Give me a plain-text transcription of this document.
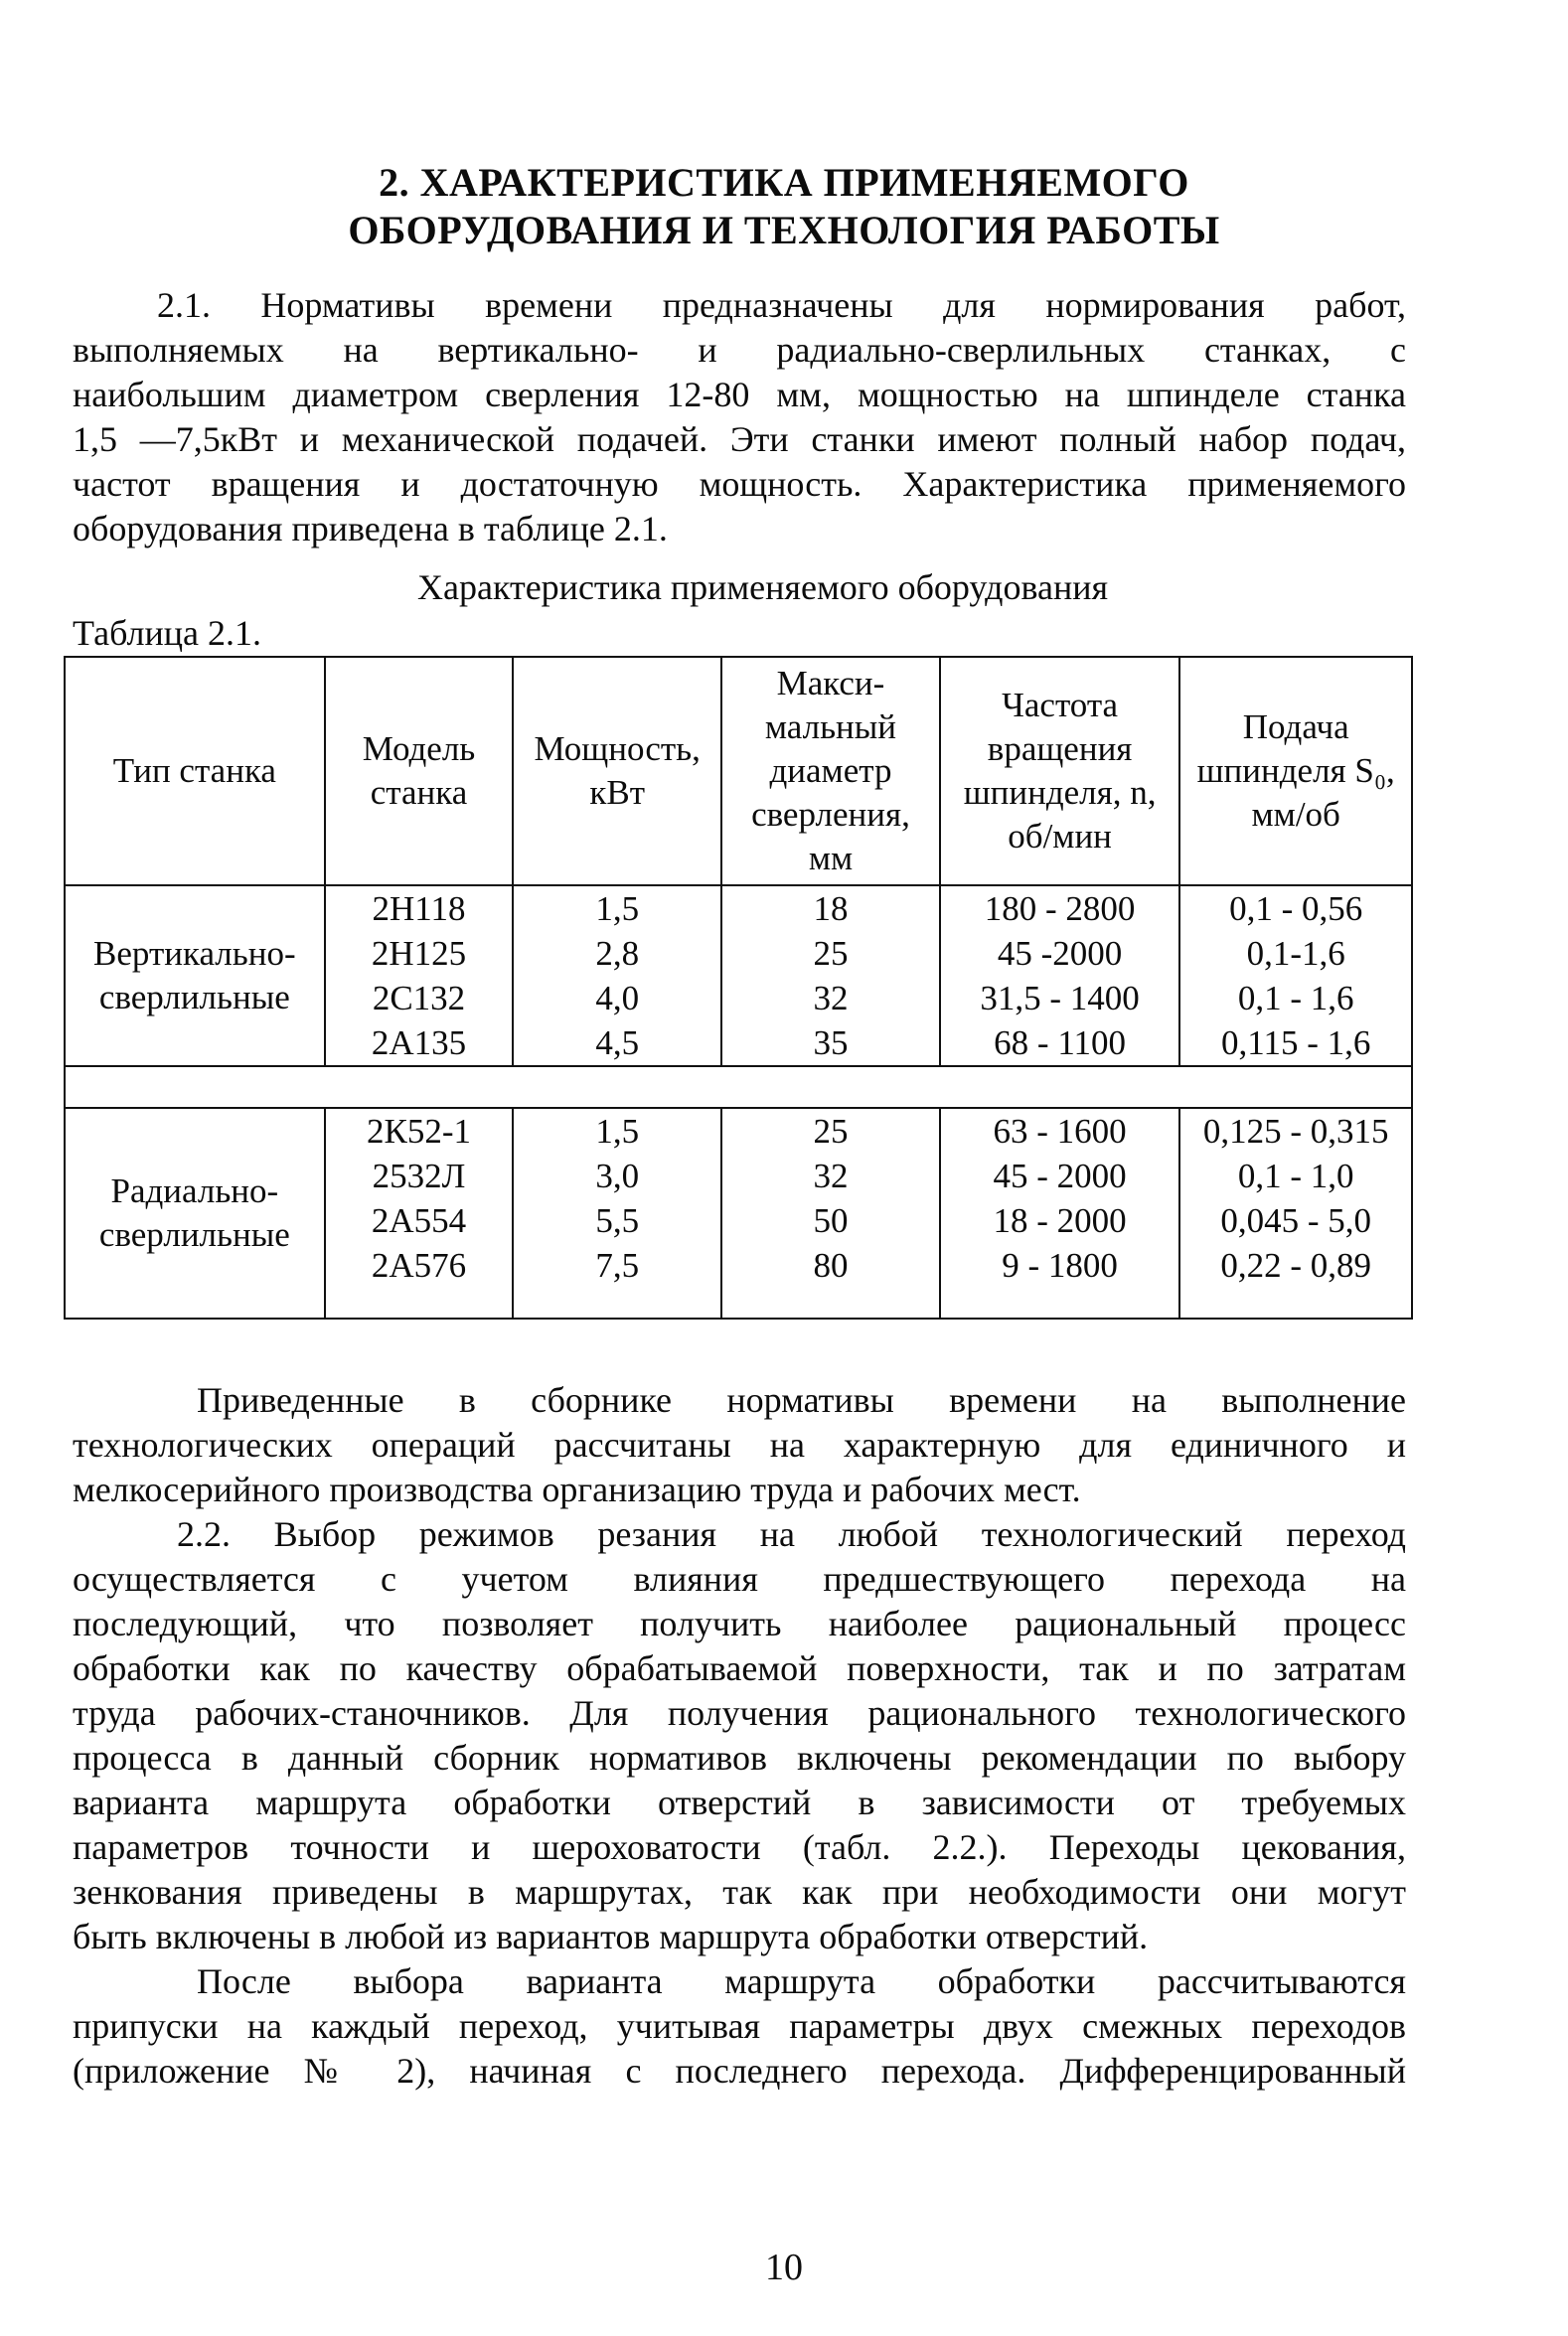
2. ХАРАКТЕРИСТИКА ПРИМЕНЯЕМОГО
ОБОРУДОВАНИЯ И ТЕХНОЛОГИЯ РАБОТЫ
2.1. Нормативы времени предназначены для нормирования работ,
выполняемых на вертикально- и радиально-сверлильных станках, с
наибольшим диаметром сверления 12-80 мм, мощностью на шпинделе станка
1,5 —7,5кВт и механической подачей. Эти станки имеют полный набор подач,
частот вращения и достаточную мощность. Характеристика применяемого
оборудования приведена в таблице 2.1.
Характеристика применяемого оборудования
Таблица 2.1.
Тип станка	Модель станка	Мощность, кВт	Макси-мальный диаметр сверления, мм	Частота вращения шпинделя, n, об/мин	Подача шпинделя S₀, мм/об
Вертикально-сверлильные	2Н118	1,5	18	180 - 2800	0,1 - 0,56
	2Н125	2,8	25	45 -2000	0,1-1,6
	2С132	4,0	32	31,5 - 1400	0,1 - 1,6
	2А135	4,5	35	68 - 1100	0,115 - 1,6

Радиально-сверлильные	2К52-1	1,5	25	63 - 1600	0,125 - 0,315
	2532Л	3,0	32	45 - 2000	0,1 - 1,0
	2А554	5,5	50	18 - 2000	0,045 - 5,0
	2А576	7,5	80	9 - 1800	0,22 - 0,89

Приведенные в сборнике нормативы времени на выполнение
технологических операций рассчитаны на характерную для единичного и
мелкосерийного производства организацию труда и рабочих мест.
2.2. Выбор режимов резания на любой технологический переход
осуществляется с учетом влияния предшествующего перехода на
последующий, что позволяет получить наиболее рациональный процесс
обработки как по качеству обрабатываемой поверхности, так и по затратам
труда рабочих-станочников. Для получения рационального технологического
процесса в данный сборник нормативов включены рекомендации по выбору
варианта маршрута обработки отверстий в зависимости от требуемых
параметров точности и шероховатости (табл. 2.2.). Переходы цекования,
зенкования приведены в маршрутах, так как при необходимости они могут
быть включены в любой из вариантов маршрута обработки отверстий.
После выбора варианта маршрута обработки рассчитываются
припуски на каждый переход, учитывая параметры двух смежных переходов
(приложение № 2), начиная с последнего перехода. Дифференцированный
10
